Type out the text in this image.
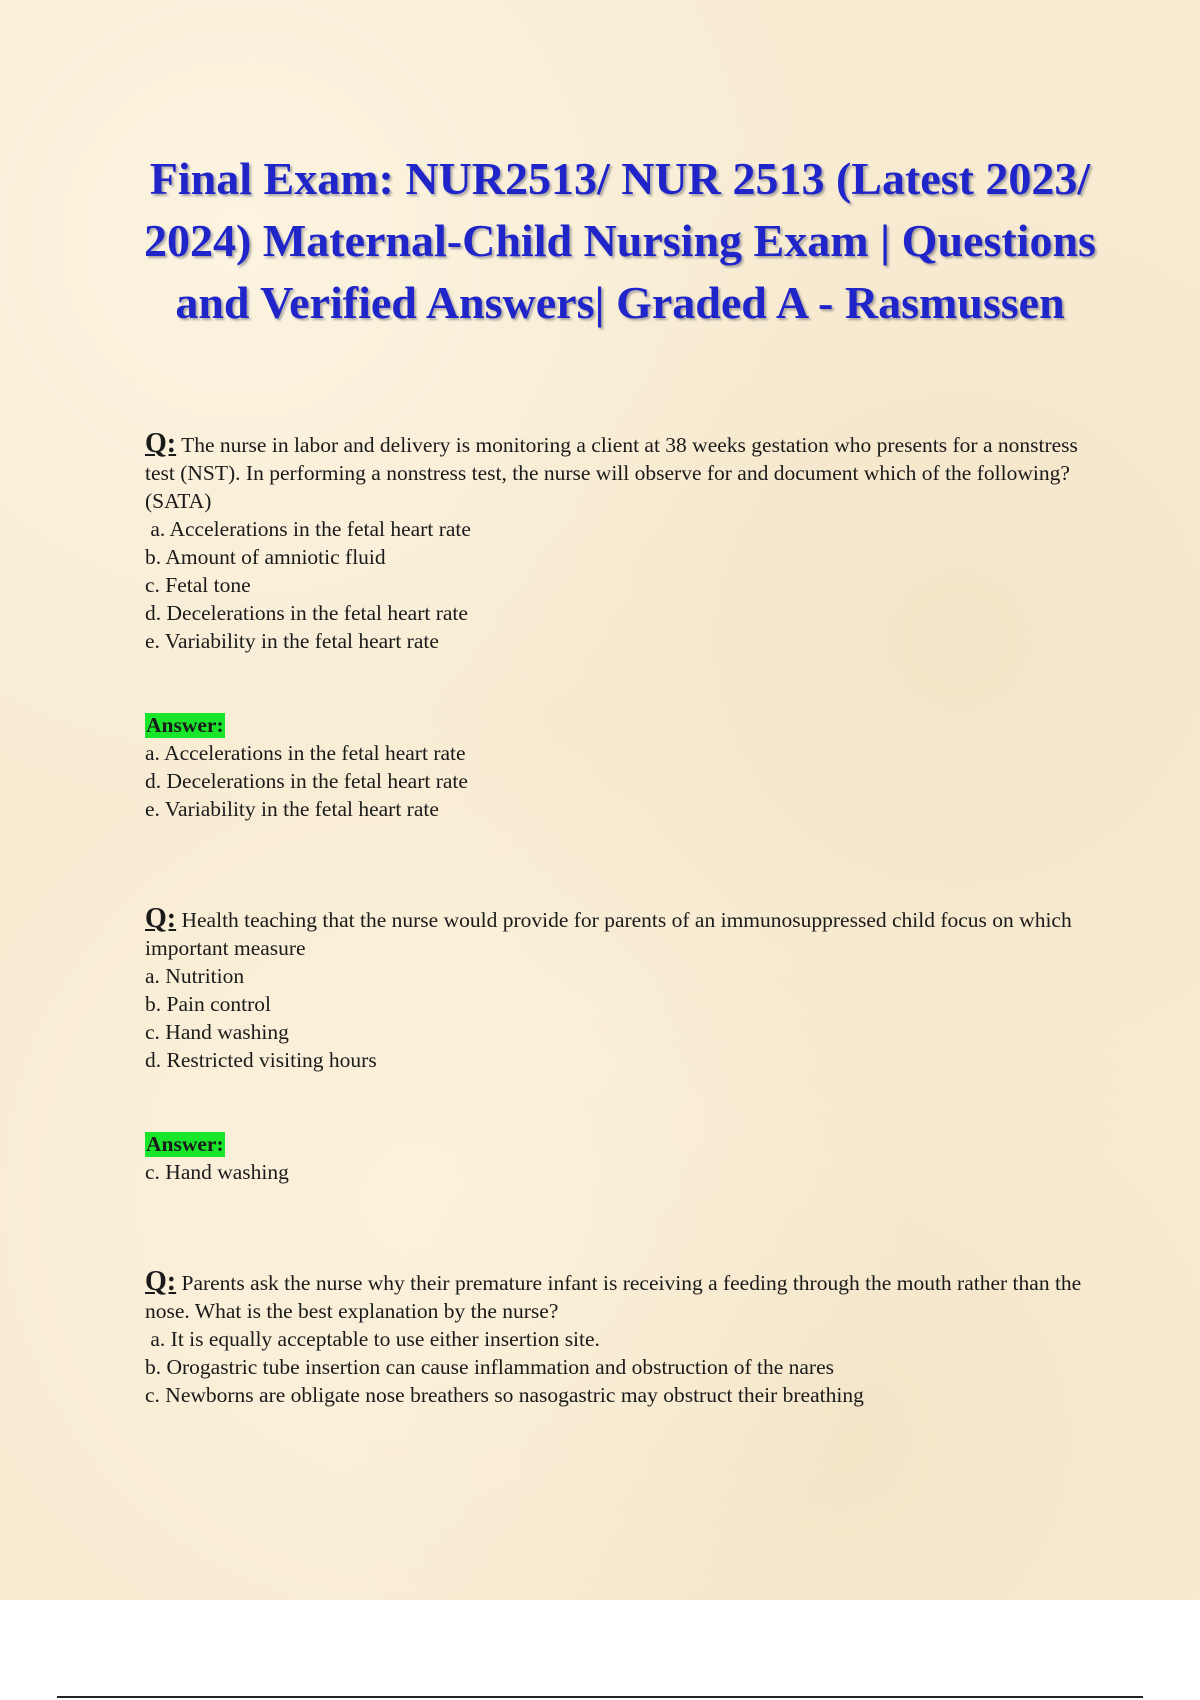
Final Exam: NUR2513/ NUR 2513 (Latest 2023/ 2024) Maternal-Child Nursing Exam | Questions and Verified Answers| Graded A - Rasmussen

Q: The nurse in labor and delivery is monitoring a client at 38 weeks gestation who presents for a nonstress test (NST). In performing a nonstress test, the nurse will observe for and document which of the following? (SATA)

a. Accelerations in the fetal heart rate
b. Amount of amniotic fluid
c. Fetal tone
d. Decelerations in the fetal heart rate
e. Variability in the fetal heart rate
Answer:
a. Accelerations in the fetal heart rate
d. Decelerations in the fetal heart rate
e. Variability in the fetal heart rate

Q: Health teaching that the nurse would provide for parents of an immunosuppressed child focus on which important measure

a. Nutrition
b. Pain control
c. Hand washing
d. Restricted visiting hours
Answer:
c. Hand washing

Q: Parents ask the nurse why their premature infant is receiving a feeding through the mouth rather than the nose. What is the best explanation by the nurse?

a. It is equally acceptable to use either insertion site.
b. Orogastric tube insertion can cause inflammation and obstruction of the nares
c. Newborns are obligate nose breathers so nasogastric may obstruct their breathing
